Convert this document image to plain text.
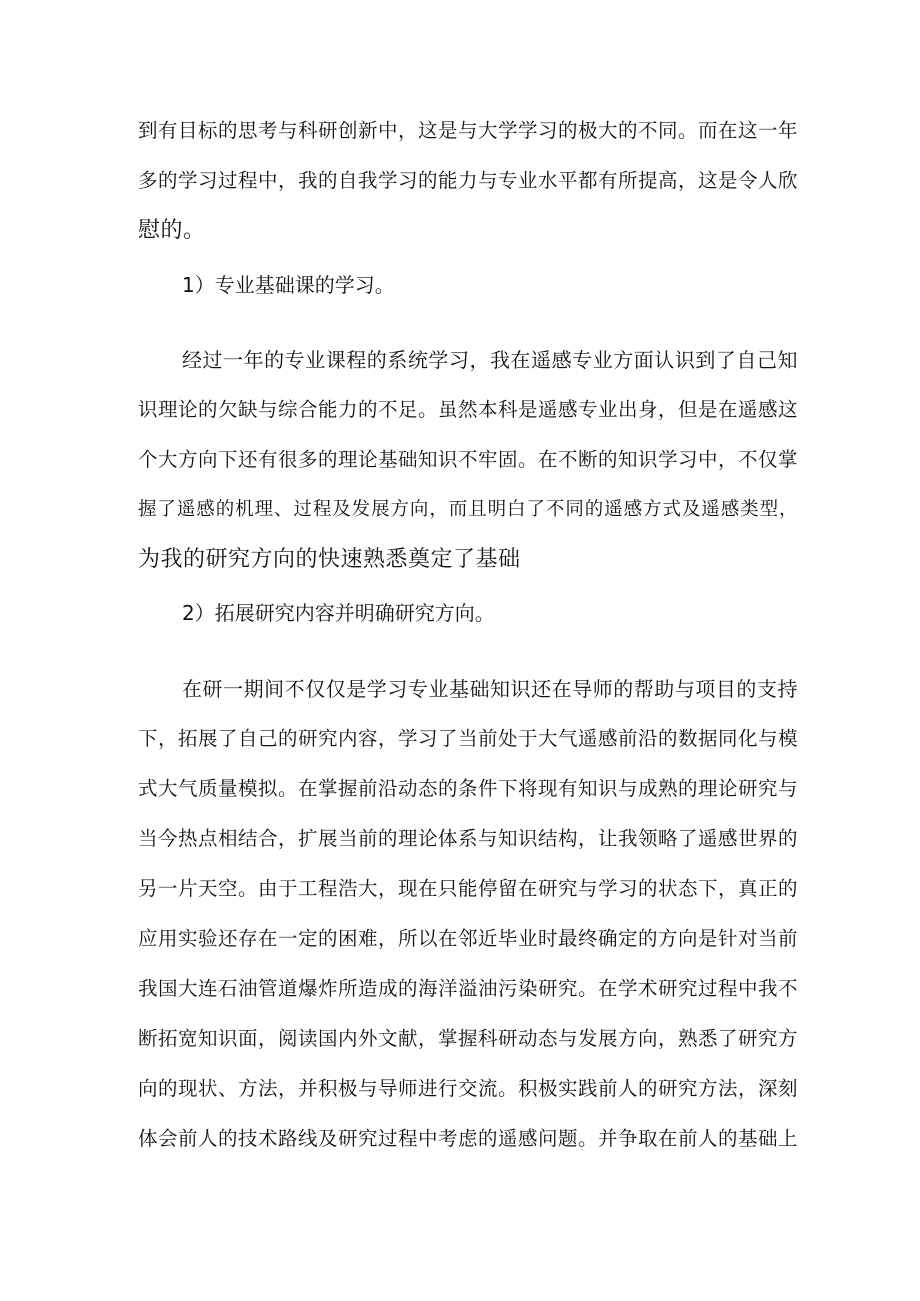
到有目标的思考与科研创新中，这是与大学学习的极大的不同。而在这一年
多的学习过程中，我的自我学习的能力与专业水平都有所提高，这是令人欣
慰的。
1）专业基础课的学习。
经过一年的专业课程的系统学习，我在遥感专业方面认识到了自己知
识理论的欠缺与综合能力的不足。虽然本科是遥感专业出身，但是在遥感这
个大方向下还有很多的理论基础知识不牢固。在不断的知识学习中，不仅掌
握了遥感的机理、过程及发展方向，而且明白了不同的遥感方式及遥感类型，
为我的研究方向的快速熟悉奠定了基础
2）拓展研究内容并明确研究方向。
在研一期间不仅仅是学习专业基础知识还在导师的帮助与项目的支持
下，拓展了自己的研究内容，学习了当前处于大气遥感前沿的数据同化与模
式大气质量模拟。在掌握前沿动态的条件下将现有知识与成熟的理论研究与
当今热点相结合，扩展当前的理论体系与知识结构，让我领略了遥感世界的
另一片天空。由于工程浩大，现在只能停留在研究与学习的状态下，真正的
应用实验还存在一定的困难，所以在邻近毕业时最终确定的方向是针对当前
我国大连石油管道爆炸所造成的海洋溢油污染研究。在学术研究过程中我不
断拓宽知识面，阅读国内外文献，掌握科研动态与发展方向，熟悉了研究方
向的现状、方法，并积极与导师进行交流。积极实践前人的研究方法，深刻
体会前人的技术路线及研究过程中考虑的遥感问题。并争取在前人的基础上
